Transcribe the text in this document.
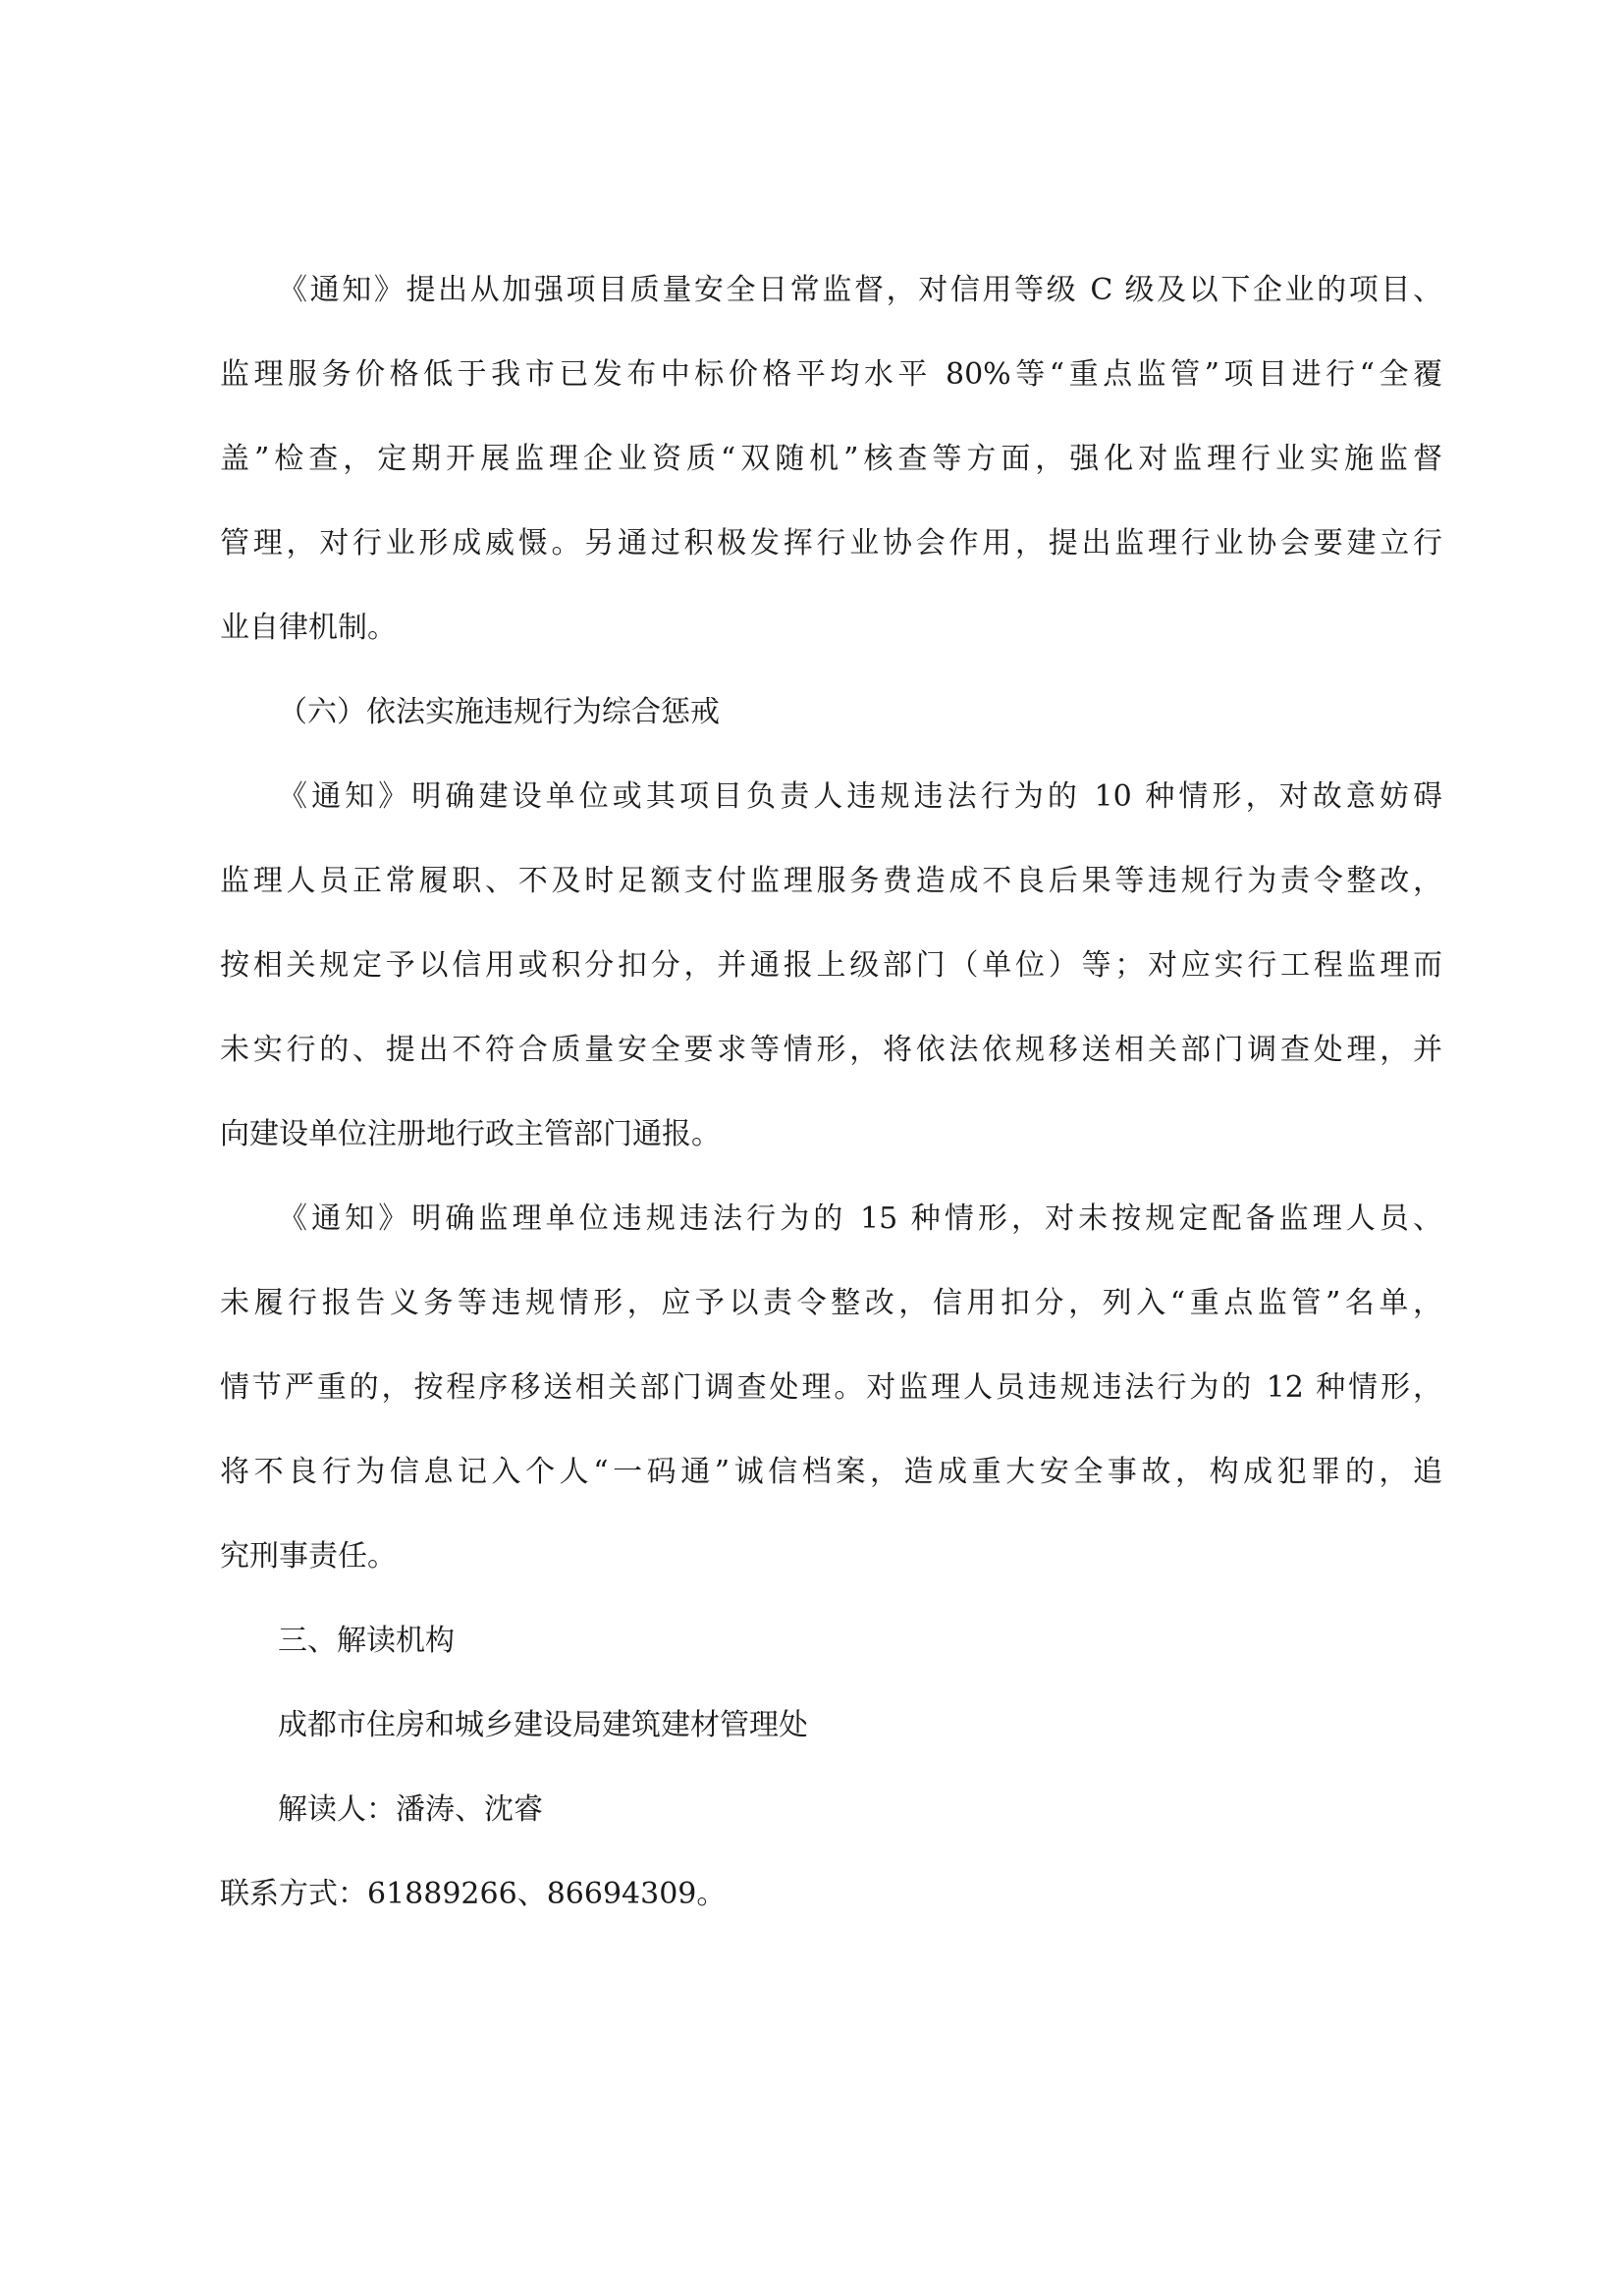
《通知》提出从加强项目质量安全日常监督，对信用等级 C 级及以下企业的项目、
监理服务价格低于我市已发布中标价格平均水平 80%等“重点监管”项目进行“全覆
盖”检查，定期开展监理企业资质“双随机”核查等方面，强化对监理行业实施监督
管理，对行业形成威慑。另通过积极发挥行业协会作用，提出监理行业协会要建立行
业自律机制。
（六）依法实施违规行为综合惩戒
《通知》明确建设单位或其项目负责人违规违法行为的 10 种情形，对故意妨碍
监理人员正常履职、不及时足额支付监理服务费造成不良后果等违规行为责令整改，
按相关规定予以信用或积分扣分，并通报上级部门（单位）等；对应实行工程监理而
未实行的、提出不符合质量安全要求等情形，将依法依规移送相关部门调查处理，并
向建设单位注册地行政主管部门通报。
《通知》明确监理单位违规违法行为的 15 种情形，对未按规定配备监理人员、
未履行报告义务等违规情形，应予以责令整改，信用扣分，列入“重点监管”名单，
情节严重的，按程序移送相关部门调查处理。对监理人员违规违法行为的 12 种情形，
将不良行为信息记入个人“一码通”诚信档案，造成重大安全事故，构成犯罪的，追
究刑事责任。
三、解读机构
成都市住房和城乡建设局建筑建材管理处
解读人：潘涛、沈睿
联系方式：61889266、86694309。
